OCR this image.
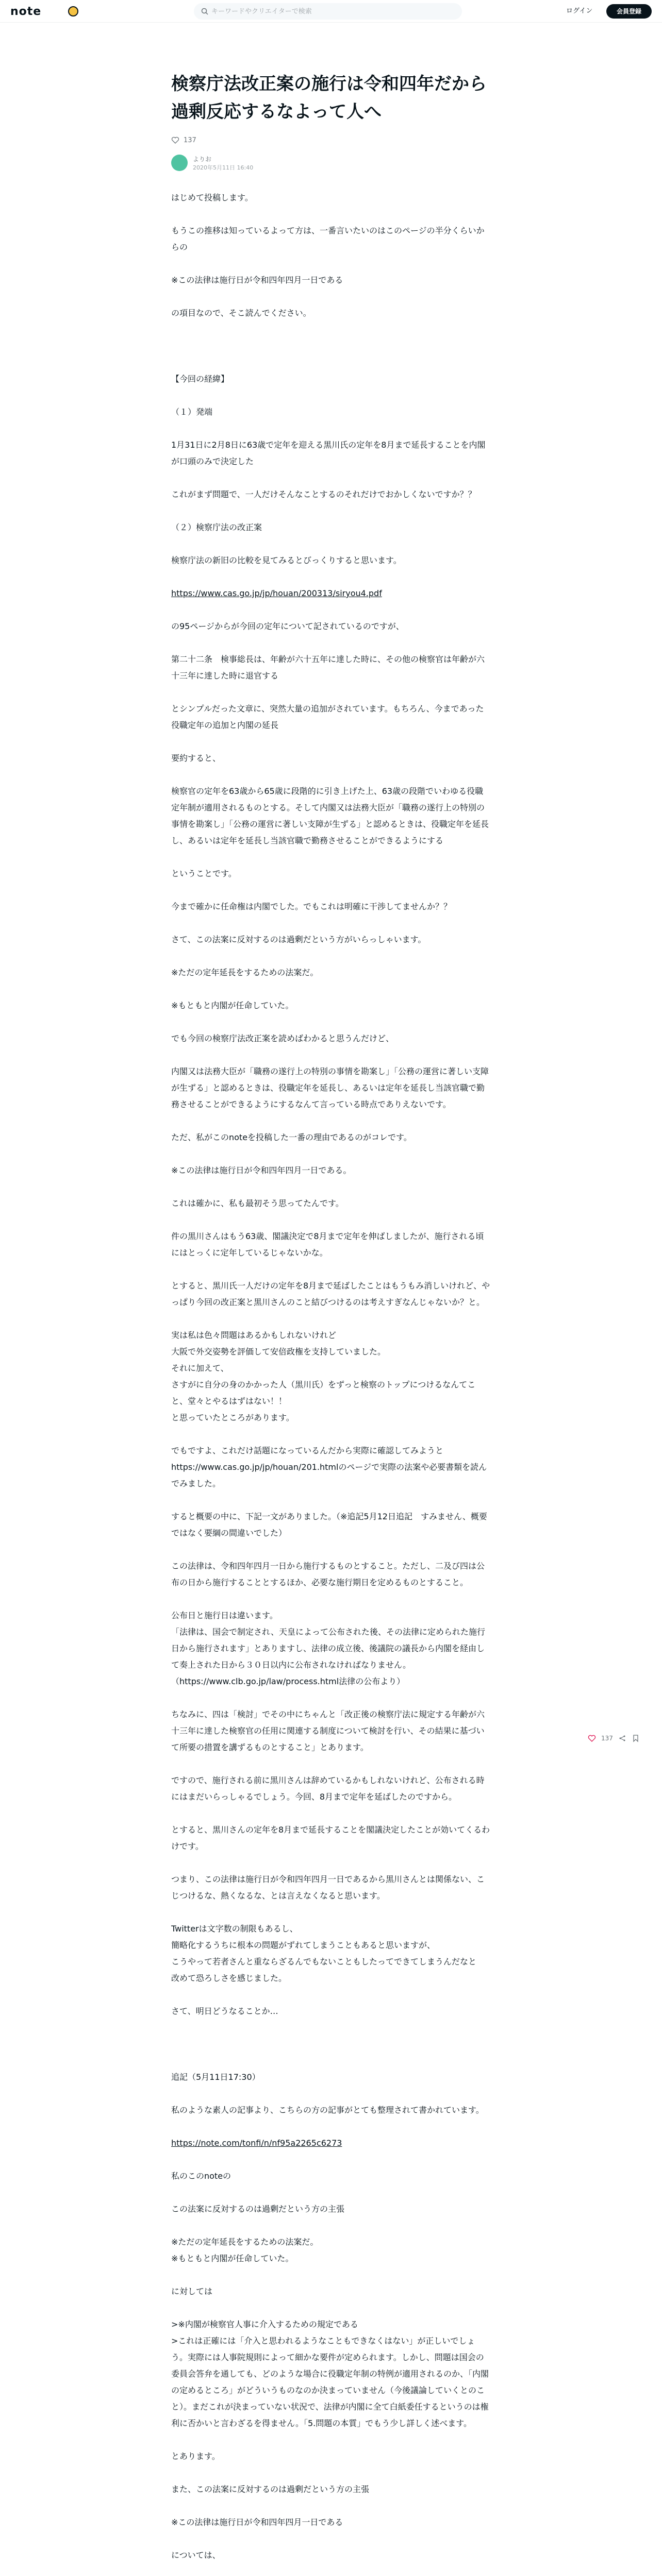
note
キーワードやクリエイターで検索	ログイン	会員登録
検察庁法改正案の施行は令和四年だから過剰反応するなよって人へ
137
よりお
2020年5月11日 16:40

はじめて投稿します。

もうこの推移は知っているよって方は、一番言いたいのはこのページの半分くらいからの

※この法律は施行日が令和四年四月一日である

の項目なので、そこ読んでください。

【今回の経緯】

（１）発端

1月31日に2月8日に63歳で定年を迎える黒川氏の定年を8月まで延長することを内閣が口頭のみで決定した

これがまず問題で、一人だけそんなことするのそれだけでおかしくないですか？？

（２）検察庁法の改正案

検察庁法の新旧の比較を見てみるとびっくりすると思います。

https://www.cas.go.jp/jp/houan/200313/siryou4.pdf

の95ページからが今回の定年について記されているのですが、

第二十二条　検事総長は、年齢が六十五年に達した時に、その他の検察官は年齢が六十三年に達した時に退官する

とシンプルだった文章に、突然大量の追加がされています。もちろん、今まであった役職定年の追加と内閣の延長

要約すると、

検察官の定年を63歳から65歳に段階的に引き上げた上、63歳の段階でいわゆる役職定年制が適用されるものとする。そして内閣又は法務大臣が「職務の遂行上の特別の事情を勘案し」「公務の運営に著しい支障が生ずる」と認めるときは、役職定年を延長し、あるいは定年を延長し当該官職で勤務させることができるようにする

ということです。

今まで確かに任命権は内閣でした。でもこれは明確に干渉してませんか？？

さて、この法案に反対するのは過剰だという方がいらっしゃいます。

※ただの定年延長をするための法案だ。

※もともと内閣が任命していた。

でも今回の検察庁法改正案を読めばわかると思うんだけど、

内閣又は法務大臣が「職務の遂行上の特別の事情を勘案し」「公務の運営に著しい支障が生ずる」と認めるときは、役職定年を延長し、あるいは定年を延長し当該官職で勤務させることができるようにするなんて言っている時点でありえないです。

ただ、私がこのnoteを投稿した一番の理由であるのがコレです。

※この法律は施行日が令和四年四月一日である。

これは確かに、私も最初そう思ってたんです。

件の黒川さんはもう63歳、閣議決定で8月まで定年を伸ばしましたが、施行される頃にはとっくに定年しているじゃないかな。

とすると、黒川氏一人だけの定年を8月まで延ばしたことはもうもみ消しいけれど、やっぱり今回の改正案と黒川さんのこと結びつけるのは考えすぎなんじゃないか？と。

実は私は色々問題はあるかもしれないけれど
大阪で外交姿勢を評価して安倍政権を支持していました。
それに加えて、
さすがに自分の身のかかった人（黒川氏）をずっと検察のトップにつけるなんてこと、堂々とやるはずはない！！
と思っていたところがあります。

でもですよ、これだけ話題になっているんだから実際に確認してみようと
https://www.cas.go.jp/jp/houan/201.htmlのページで実際の法案や必要書類を読んでみました。

すると概要の中に、下記一文がありました。（※追記5月12日追記　すみません、概要ではなく要綱の間違いでした）

この法律は、令和四年四月一日から施行するものとすること。ただし、二及び四は公布の日から施行することとするほか、必要な施行期日を定めるものとすること。

公布日と施行日は違います。
「法律は、国会で制定され、天皇によって公布された後、その法律に定められた施行日から施行されます」とありますし、法律の成立後、後議院の議長から内閣を経由して奏上された日から３０日以内に公布されなければなりません。
（https://www.clb.go.jp/law/process.html法律の公布より）

ちなみに、四は「検討」でその中にちゃんと「改正後の検察庁法に規定する年齢が六十三年に達した検察官の任用に関連する制度について検討を行い、その結果に基づいて所要の措置を講ずるものとすること」とあります。

ですので、施行される前に黒川さんは辞めているかもしれないけれど、公布される時にはまだいらっしゃるでしょう。今回、8月まで定年を延ばしたのですから。

とすると、黒川さんの定年を8月まで延長することを閣議決定したことが効いてくるわけです。

つまり、この法律は施行日が令和四年四月一日であるから黒川さんとは関係ない、こじつけるな、熱くなるな、とは言えなくなると思います。

Twitterは文字数の制限もあるし、
簡略化するうちに根本の問題がずれてしまうこともあると思いますが、
こうやって若者さんと重ならざるんでもないこともしたってできてしまうんだなと
改めて恐ろしさを感じました。

さて、明日どうなることか…

追記（5月11日17:30）

私のような素人の記事より、こちらの方の記事がとても整理されて書かれています。

https://note.com/tonfi/n/nf95a2265c6273

私のこのnoteの

この法案に反対するのは過剰だという方の主張

※ただの定年延長をするための法案だ。
※もともと内閣が任命していた。

に対しては

>※内閣が検察官人事に介入するための規定である
>これは正確には「介入と思われるようなこともできなくはない」が正しいでしょう。実際には人事院規則によって細かな要件が定められます。しかし、問題は国会の委員会答弁を通しても、どのような場合に役職定年制の特例が適用されるのか、「内閣の定めるところ」がどういうものなのか決まっていません（今後議論していくとのこと）。まだこれが決まっていない状況で、法律が内閣に全て白紙委任するというのは権利に否かいと言わざるを得ません。「5.問題の本質」でもう少し詳しく述べます。

とあります。

また、この法案に反対するのは過剰だという方の主張

※この法律は施行日が令和四年四月一日である

については、

137
